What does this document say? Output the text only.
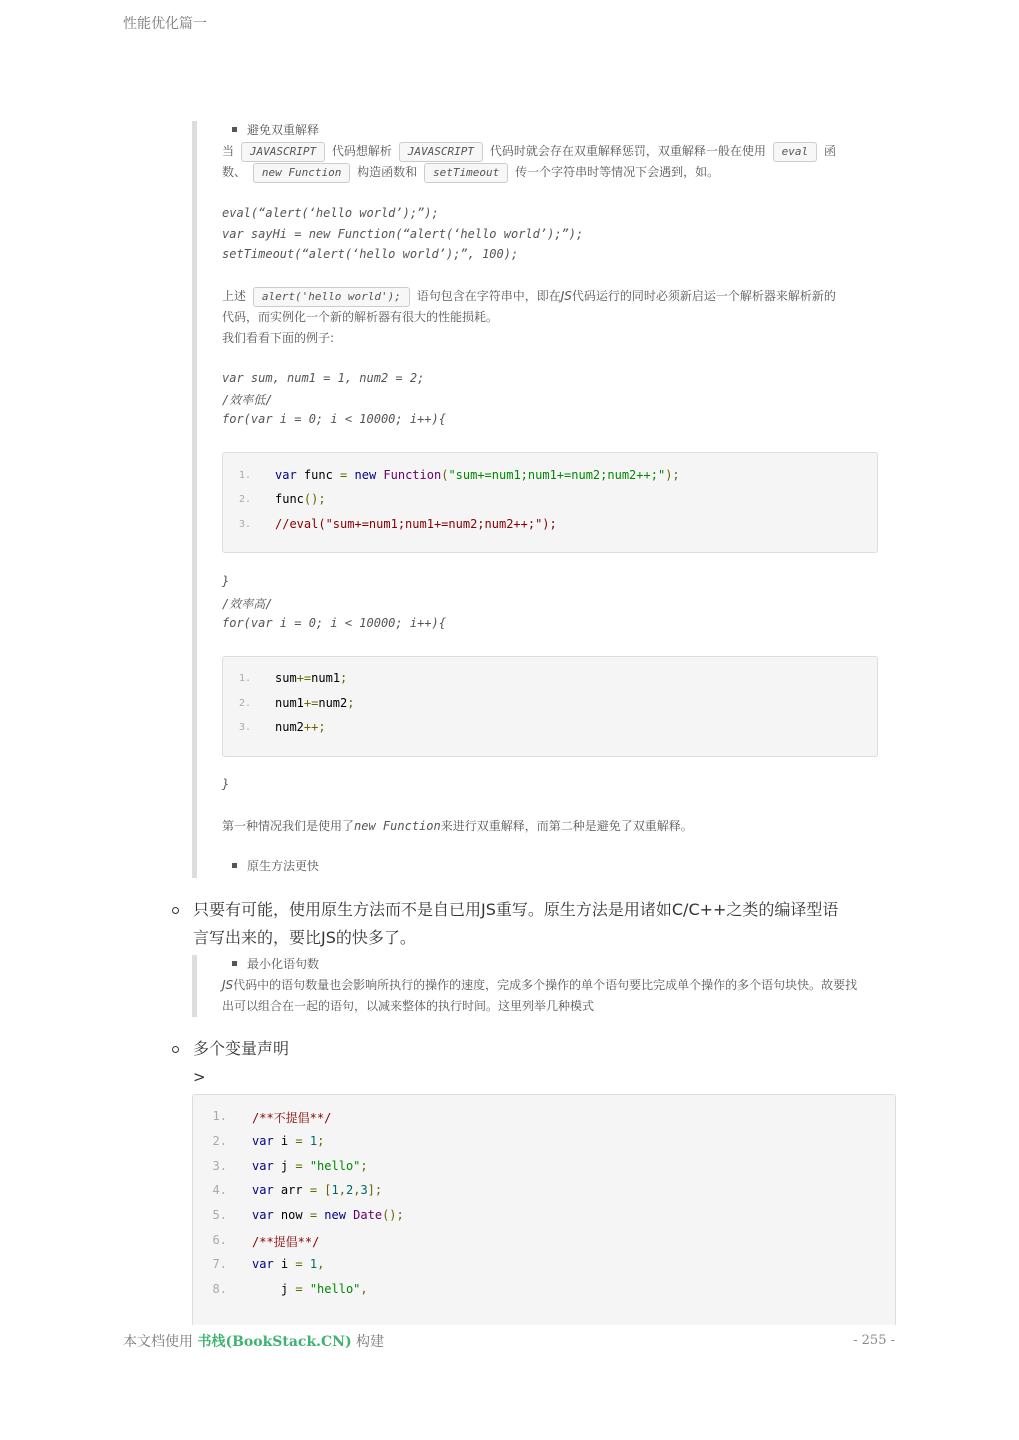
性能优化篇一
避免双重解释
当 JAVASCRIPT 代码想解析 JAVASCRIPT 代码时就会存在双重解释惩罚，双重解释一般在使用 eval 函
数、 new Function 构造函数和 setTimeout 传一个字符串时等情况下会遇到，如。
eval(“alert(‘hello world’);”);
var sayHi = new Function(“alert(‘hello world’);”);
setTimeout(“alert(‘hello world’);”, 100);
上述 alert('hello world'); 语句包含在字符串中，即在JS代码运行的同时必须新启运一个解析器来解析新的
代码，而实例化一个新的解析器有很大的性能损耗。
我们看看下面的例子:
var sum, num1 = 1, num2 = 2;
/效率低/
for(var i = 0; i < 10000; i++){
1. var func = new Function("sum+=num1;num1+=num2;num2++;");
2. func();
3. //eval("sum+=num1;num1+=num2;num2++;");
}
/效率高/
for(var i = 0; i < 10000; i++){
1. sum+=num1;
2. num1+=num2;
3. num2++;
}
第一种情况我们是使用了new Function来进行双重解释，而第二种是避免了双重解释。
原生方法更快
只要有可能，使用原生方法而不是自已用JS重写。原生方法是用诸如C/C++之类的编译型语
言写出来的，要比JS的快多了。
最小化语句数
JS代码中的语句数量也会影响所执行的操作的速度，完成多个操作的单个语句要比完成单个操作的多个语句块快。故要找
出可以组合在一起的语句，以减来整体的执行时间。这里列举几种模式
多个变量声明
>
1. /**不提倡**/
2. var i = 1;
3. var j = "hello";
4. var arr = [1,2,3];
5. var now = new Date();
6. /**提倡**/
7. var i = 1,
8. j = "hello",
本文档使用 书栈(BookStack.CN) 构建	- 255 -
